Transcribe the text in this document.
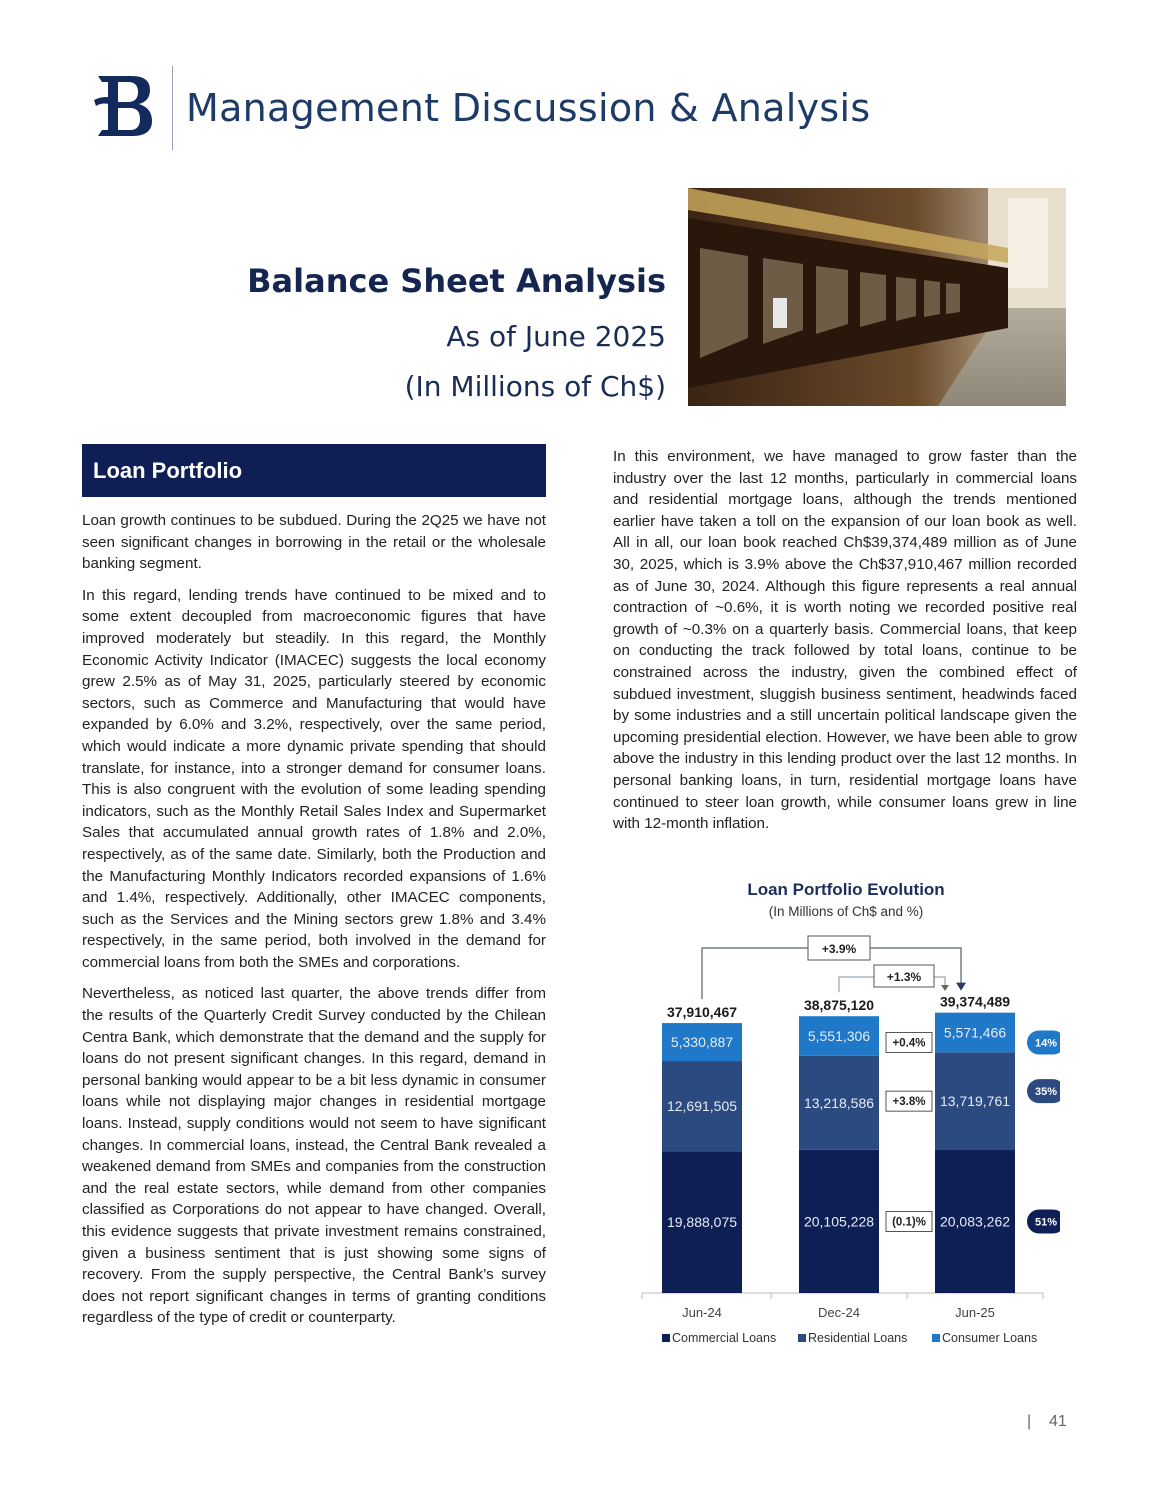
Management Discussion & Analysis
Balance Sheet Analysis
As of June 2025
(In Millions of Ch$)
Loan Portfolio

Loan growth continues to be subdued. During the 2Q25 we have not seen significant changes in borrowing in the retail or the wholesale banking segment.

In this regard, lending trends have continued to be mixed and to some extent decoupled from macroeconomic figures that have improved moderately but steadily. In this regard, the Monthly Economic Activity Indicator (IMACEC) suggests the local economy grew 2.5% as of May 31, 2025, particularly steered by economic sectors, such as Commerce and Manufacturing that would have expanded by 6.0% and 3.2%, respectively, over the same period, which would indicate a more dynamic private spending that should translate, for instance, into a stronger demand for consumer loans. This is also congruent with the evolution of some leading spending indicators, such as the Monthly Retail Sales Index and Supermarket Sales that accumulated annual growth rates of 1.8% and 2.0%, respectively, as of the same date. Similarly, both the Production and the Manufacturing Monthly Indicators recorded expansions of 1.6% and 1.4%, respectively. Additionally, other IMACEC components, such as the Services and the Mining sectors grew 1.8% and 3.4% respectively, in the same period, both involved in the demand for commercial loans from both the SMEs and corporations.

Nevertheless, as noticed last quarter, the above trends differ from the results of the Quarterly Credit Survey conducted by the Chilean Centra Bank, which demonstrate that the demand and the supply for loans do not present significant changes. In this regard, demand in personal banking would appear to be a bit less dynamic in consumer loans while not displaying major changes in residential mortgage loans. Instead, supply conditions would not seem to have significant changes. In commercial loans, instead, the Central Bank revealed a weakened demand from SMEs and companies from the construction and the real estate sectors, while demand from other companies classified as Corporations do not appear to have changed. Overall, this evidence suggests that private investment remains constrained, given a business sentiment that is just showing some signs of recovery. From the supply perspective, the Central Bank’s survey does not report significant changes in terms of granting conditions regardless of the type of credit or counterparty.

In this environment, we have managed to grow faster than the industry over the last 12 months, particularly in commercial loans and residential mortgage loans, although the trends mentioned earlier have taken a toll on the expansion of our loan book as well. All in all, our loan book reached Ch$39,374,489 million as of June 30, 2025, which is 3.9% above the Ch$37,910,467 million recorded as of June 30, 2024. Although this figure represents a real annual contraction of ~0.6%, it is worth noting we recorded positive real growth of ~0.3% on a quarterly basis. Commercial loans, that keep on conducting the track followed by total loans, continue to be constrained across the industry, given the combined effect of subdued investment, sluggish business sentiment, headwinds faced by some industries and a still uncertain political landscape given the upcoming presidential election. However, we have been able to grow above the industry in this lending product over the last 12 months. In personal banking loans, in turn, residential mortgage loans have continued to steer loan growth, while consumer loans grew in line with 12-month inflation.

Loan Portfolio Evolution
(In Millions of Ch$ and %)
19,888,075
12,691,505
5,330,887
37,910,467
Jun-24
20,105,228
13,218,586
5,551,306
38,875,120
Dec-24
20,083,262
13,719,761
5,571,466
39,374,489
Jun-25
(0.1)%
+3.8%
+0.4%
51%
35%
14%
+3.9%
+1.3%
Commercial Loans	Residential Loans	Consumer Loans
|    41
